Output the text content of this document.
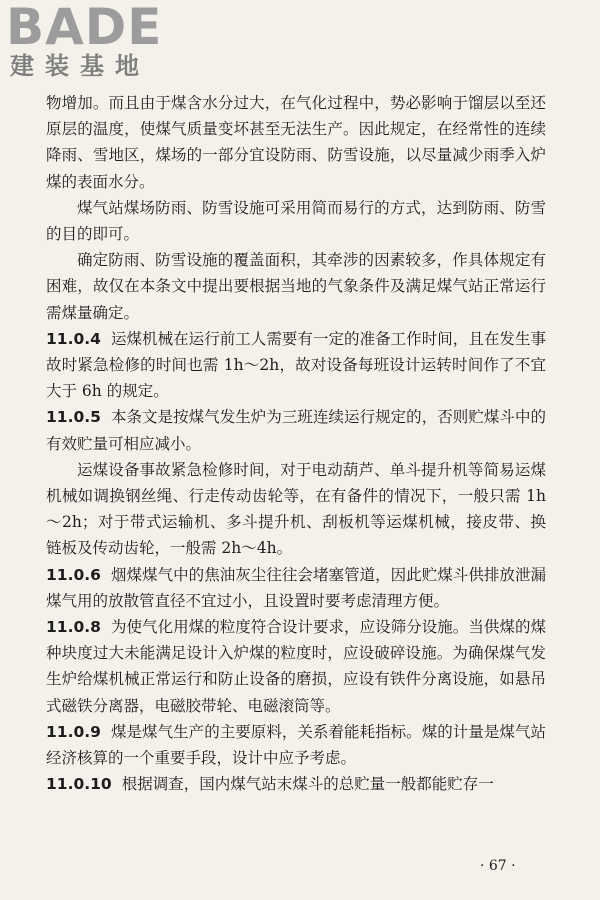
BADE
建装基地

物增加。而且由于煤含水分过大，在气化过程中，势必影响于馏层以至还原层的温度，使煤气质量变坏甚至无法生产。因此规定，在经常性的连续降雨、雪地区，煤场的一部分宜设防雨、防雪设施，以尽量减少雨季入炉煤的表面水分。

煤气站煤场防雨、防雪设施可采用简而易行的方式，达到防雨、防雪的目的即可。

确定防雨、防雪设施的覆盖面积，其牵涉的因素较多，作具体规定有困难，故仅在本条文中提出要根据当地的气象条件及满足煤气站正常运行需煤量确定。

11.0.4 运煤机械在运行前工人需要有一定的准备工作时间，且在发生事故时紧急检修的时间也需 1h～2h，故对设备每班设计运转时间作了不宜大于 6h 的规定。

11.0.5 本条文是按煤气发生炉为三班连续运行规定的，否则贮煤斗中的有效贮量可相应减小。

运煤设备事故紧急检修时间，对于电动葫芦、单斗提升机等简易运煤机械如调换钢丝绳、行走传动齿轮等，在有备件的情况下，一般只需 1h～2h；对于带式运输机、多斗提升机、刮板机等运煤机械，接皮带、换链板及传动齿轮，一般需 2h～4h。

11.0.6 烟煤煤气中的焦油灰尘往往会堵塞管道，因此贮煤斗供排放泄漏煤气用的放散管直径不宜过小，且设置时要考虑清理方便。

11.0.8 为使气化用煤的粒度符合设计要求，应设筛分设施。当供煤的煤种块度过大未能满足设计入炉煤的粒度时，应设破碎设施。为确保煤气发生炉给煤机械正常运行和防止设备的磨损，应设有铁件分离设施，如悬吊式磁铁分离器，电磁胶带轮、电磁滚筒等。

11.0.9 煤是煤气生产的主要原料，关系着能耗指标。煤的计量是煤气站经济核算的一个重要手段，设计中应予考虑。

11.0.10 根据调查，国内煤气站末煤斗的总贮量一般都能贮存一

· 67 ·
